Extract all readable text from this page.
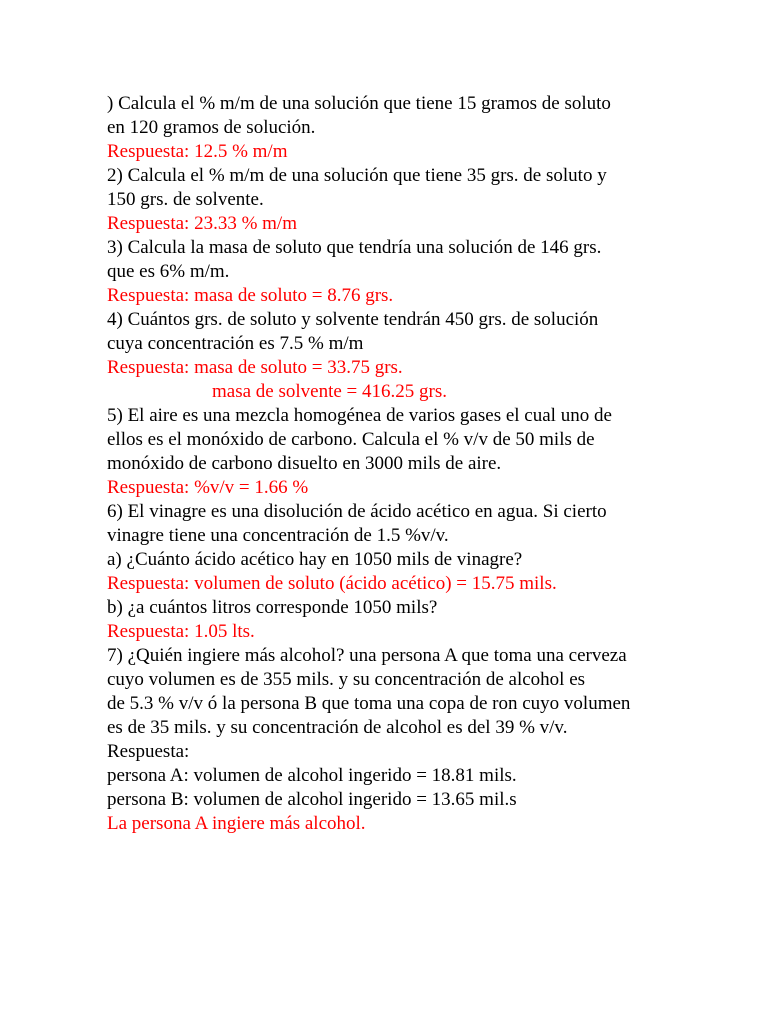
) Calcula el % m/m de una solución que tiene 15 gramos de soluto
en 120 gramos de solución.
Respuesta: 12.5 % m/m
2) Calcula el % m/m de una solución que tiene 35 grs. de soluto y
150 grs. de solvente.
Respuesta: 23.33 % m/m
3) Calcula la masa de soluto que tendría una solución de 146 grs.
que es 6% m/m.
Respuesta: masa de soluto = 8.76 grs.
4) Cuántos grs. de soluto y solvente tendrán 450 grs. de solución
cuya concentración es 7.5 % m/m
Respuesta: masa de soluto = 33.75 grs.
masa de solvente = 416.25 grs.
5) El aire es una mezcla homogénea de varios gases el cual uno de
ellos es el monóxido de carbono. Calcula el % v/v de 50 mils de
monóxido de carbono disuelto en 3000 mils de aire.
Respuesta: %v/v = 1.66 %
6) El vinagre es una disolución de ácido acético en agua. Si cierto
vinagre tiene una concentración de 1.5 %v/v.
a) ¿Cuánto ácido acético hay en 1050 mils de vinagre?
Respuesta: volumen de soluto (ácido acético) = 15.75 mils.
b) ¿a cuántos litros corresponde 1050 mils?
Respuesta: 1.05 lts.
7) ¿Quién ingiere más alcohol? una persona A que toma una cerveza
cuyo volumen es de 355 mils. y su concentración de alcohol es
de 5.3 % v/v ó la persona B que toma una copa de ron cuyo volumen
es de 35 mils. y su concentración de alcohol es del 39 % v/v.
Respuesta:
persona A: volumen de alcohol ingerido = 18.81 mils.
persona B: volumen de alcohol ingerido = 13.65 mil.s
La persona A ingiere más alcohol.
